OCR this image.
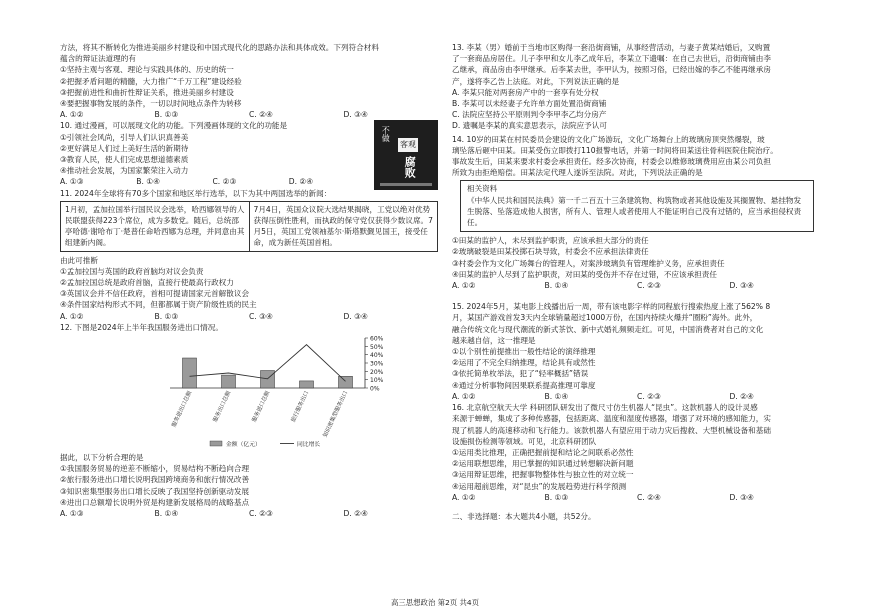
方法，将其不断转化为推进美丽乡村建设和中国式现代化的思路办法和具体成效。下列符合材料
蕴含的辩证法道理的有
①坚持主观与客观、理论与实践具体的、历史的统一
②把握矛盾问题的精髓，大力推广“千万工程”建设经验
③把握前进性和曲折性辩证关系，推进美丽乡村建设
④要把握事物发展的条件，一切以时间地点条件为转移
A. ①②	B. ①③	C. ②④	D. ③④
10. 通过漫画，可以展现文化的功能。下列漫画体现的文化的功能是
①引领社会风尚，引导人们认识真善美
②更好满足人们过上美好生活的新期待
③教育人民，使人们完成思想道德素质
④推动社会发展，为国家繁荣注入动力
A. ①③	B. ①④	C. ②③	D. ②④
不做
客观
腐败
11. 2024年全球将有70多个国家和地区举行选举，以下为其中两国选举的新闻：
1月初，孟加拉国举行国民议会选举，哈西娜领导的人民联盟获得223个席位，成为多数党。随后，总统邵亭哈德·谢哈布丁·楚普任命哈西娜为总理，并同意由其组建新内阁。
7月4日，英国众议院大选结果揭晓，工党以绝对优势获得压倒性胜利，而执政的保守党仅获得少数议席。7月5日，英国工党领袖基尔·斯塔默觐见国王，接受任命，成为新任英国首相。
由此可推断
①孟加拉国与英国的政府首脑均对议会负责
②孟加拉国总统是政府首脑，直接行使最高行政权力
③英国议会并不信任政府，首相可提请国家元首解散议会
④条件国家结构形式不同，但都都属于资产阶级性质的民主
A. ①②	B. ①③	C. ③④	D. ③④
12. 下图是2024年上半年我国服务进出口情况。
60%
50%
40%
30%
20%
10%
0%
服务进出口总额	服务出口总额	服务进口总额	旅行服务出口	知识密集型服务出口
金额（亿元）	同比增长
据此，以下分析合理的是
①我国服务贸易的逆差不断缩小，贸易结构不断趋向合理
②旅行服务进出口增长说明我国跨境商务和旅行情况改善
③知识密集型服务出口增长反映了我国坚持创新驱动发展
④进出口总额增长说明外贸是构建新发展格局的战略基点
A. ①③	B. ①④	C. ②③	D. ②④
13. 李某（男）婚前于当地市区购得一套沿街商铺，从事经营活动，与妻子黄某结婚后，又购置
了一套商品房居住。儿子李甲和女儿李乙成年后，李某立下遗嘱：在自己去世后，沿街商铺由李
乙继承，商品房由李甲继承。后李某去世，李甲认为，按照习俗，已经出嫁的李乙不能再继承房
产，遂将李乙告上法庭。对此，下列说法正确的是
A. 李某只能对两套房产中的一套享有处分权
B. 李某可以未经妻子允许单方面处置沿街商铺
C. 法院应坚持公平原则判令李甲李乙均分房产
D. 遗嘱是李某的真实意思表示，法院应予认可
14. 10岁的田某在村民委员会建设的文化广场游玩，文化广场舞台上的玻璃房顶突然爆裂，玻
璃坠落后砸中田某。田某受伤立即拨打110报警电话，并第一时间将田某送往骨科医院住院治疗。
事故发生后，田某来要求村委会承担责任。经多次协商，村委会以维修玻璃费用应由某公司负担
所致为由拒绝赔偿。田某法定代理人遂诉至法院。对此，下列说法正确的是
相关资料
《中华人民共和国民法典》第一千二百五十三条建筑物、构筑物或者其他设施及其搁置物、悬挂物发生脱落、坠落造成他人损害，所有人、管理人或者使用人不能证明自己没有过错的，应当承担侵权责任。
①田某的监护人，未尽到监护职责，应该承担大部分的责任
②玻璃破裂是田某投掷石块导致，村委会不应承担法律责任
③村委会作为文化广场舞台的管理人，对案涉玻璃负有管理维护义务，应承担责任
④田某的监护人尽到了监护职责，对田某的受伤并不存在过错，不应该承担责任
A. ①②	B. ①④	C. ②③	D. ③④
15. 2024年5月，某电影上线播出后一周，带有该电影字样的同程旅行搜索热度上涨了562% 8
月，某国产游戏首发3天内全球销量超过1000万份，在国内持续火爆并“圈粉”海外。此外，
融合传统文化与现代潮流的新式茶饮、新中式婚礼频频走红。可见，中国消费者对自己的文化
越来越自信，这一推理是
①以个别性前提推出一般性结论的演绎推理
②运用了不完全归纳推理，结论具有或然性
③依托简单枚举法，犯了“轻率概括”错误
④通过分析事物间因果联系提高推理可靠度
A. ①②	B. ①④	C. ②③	D. ②④
16. 北京航空航天大学 科研团队研发出了微尺寸仿生机器人“昆虫”。这款机器人的设计灵感
来源于蝉蝉，集成了多种传感器，包括距离、温度和湿度传感器，增强了对环境的感知能力，实
现了机器人的高速移动和飞行能力。该款机器人有望应用于动力灾后搜救、大型机械设备和基础
设施损伤检测等领域。可见，北京科研团队
①运用类比推理，正确把握前提和结论之间联系必然性
②运用联想思维，用已掌握的知识通过转想解决新问题
③运用辩证思维，把握事物整体性与独立性的对立统一
④运用超前思维，对“昆虫”的发展趋势进行科学预测
A. ①②	B. ①③	C. ②④	D. ③④
二、非选择题：本大题共4小题，共52分。
高三思想政治 第2页 共4页
